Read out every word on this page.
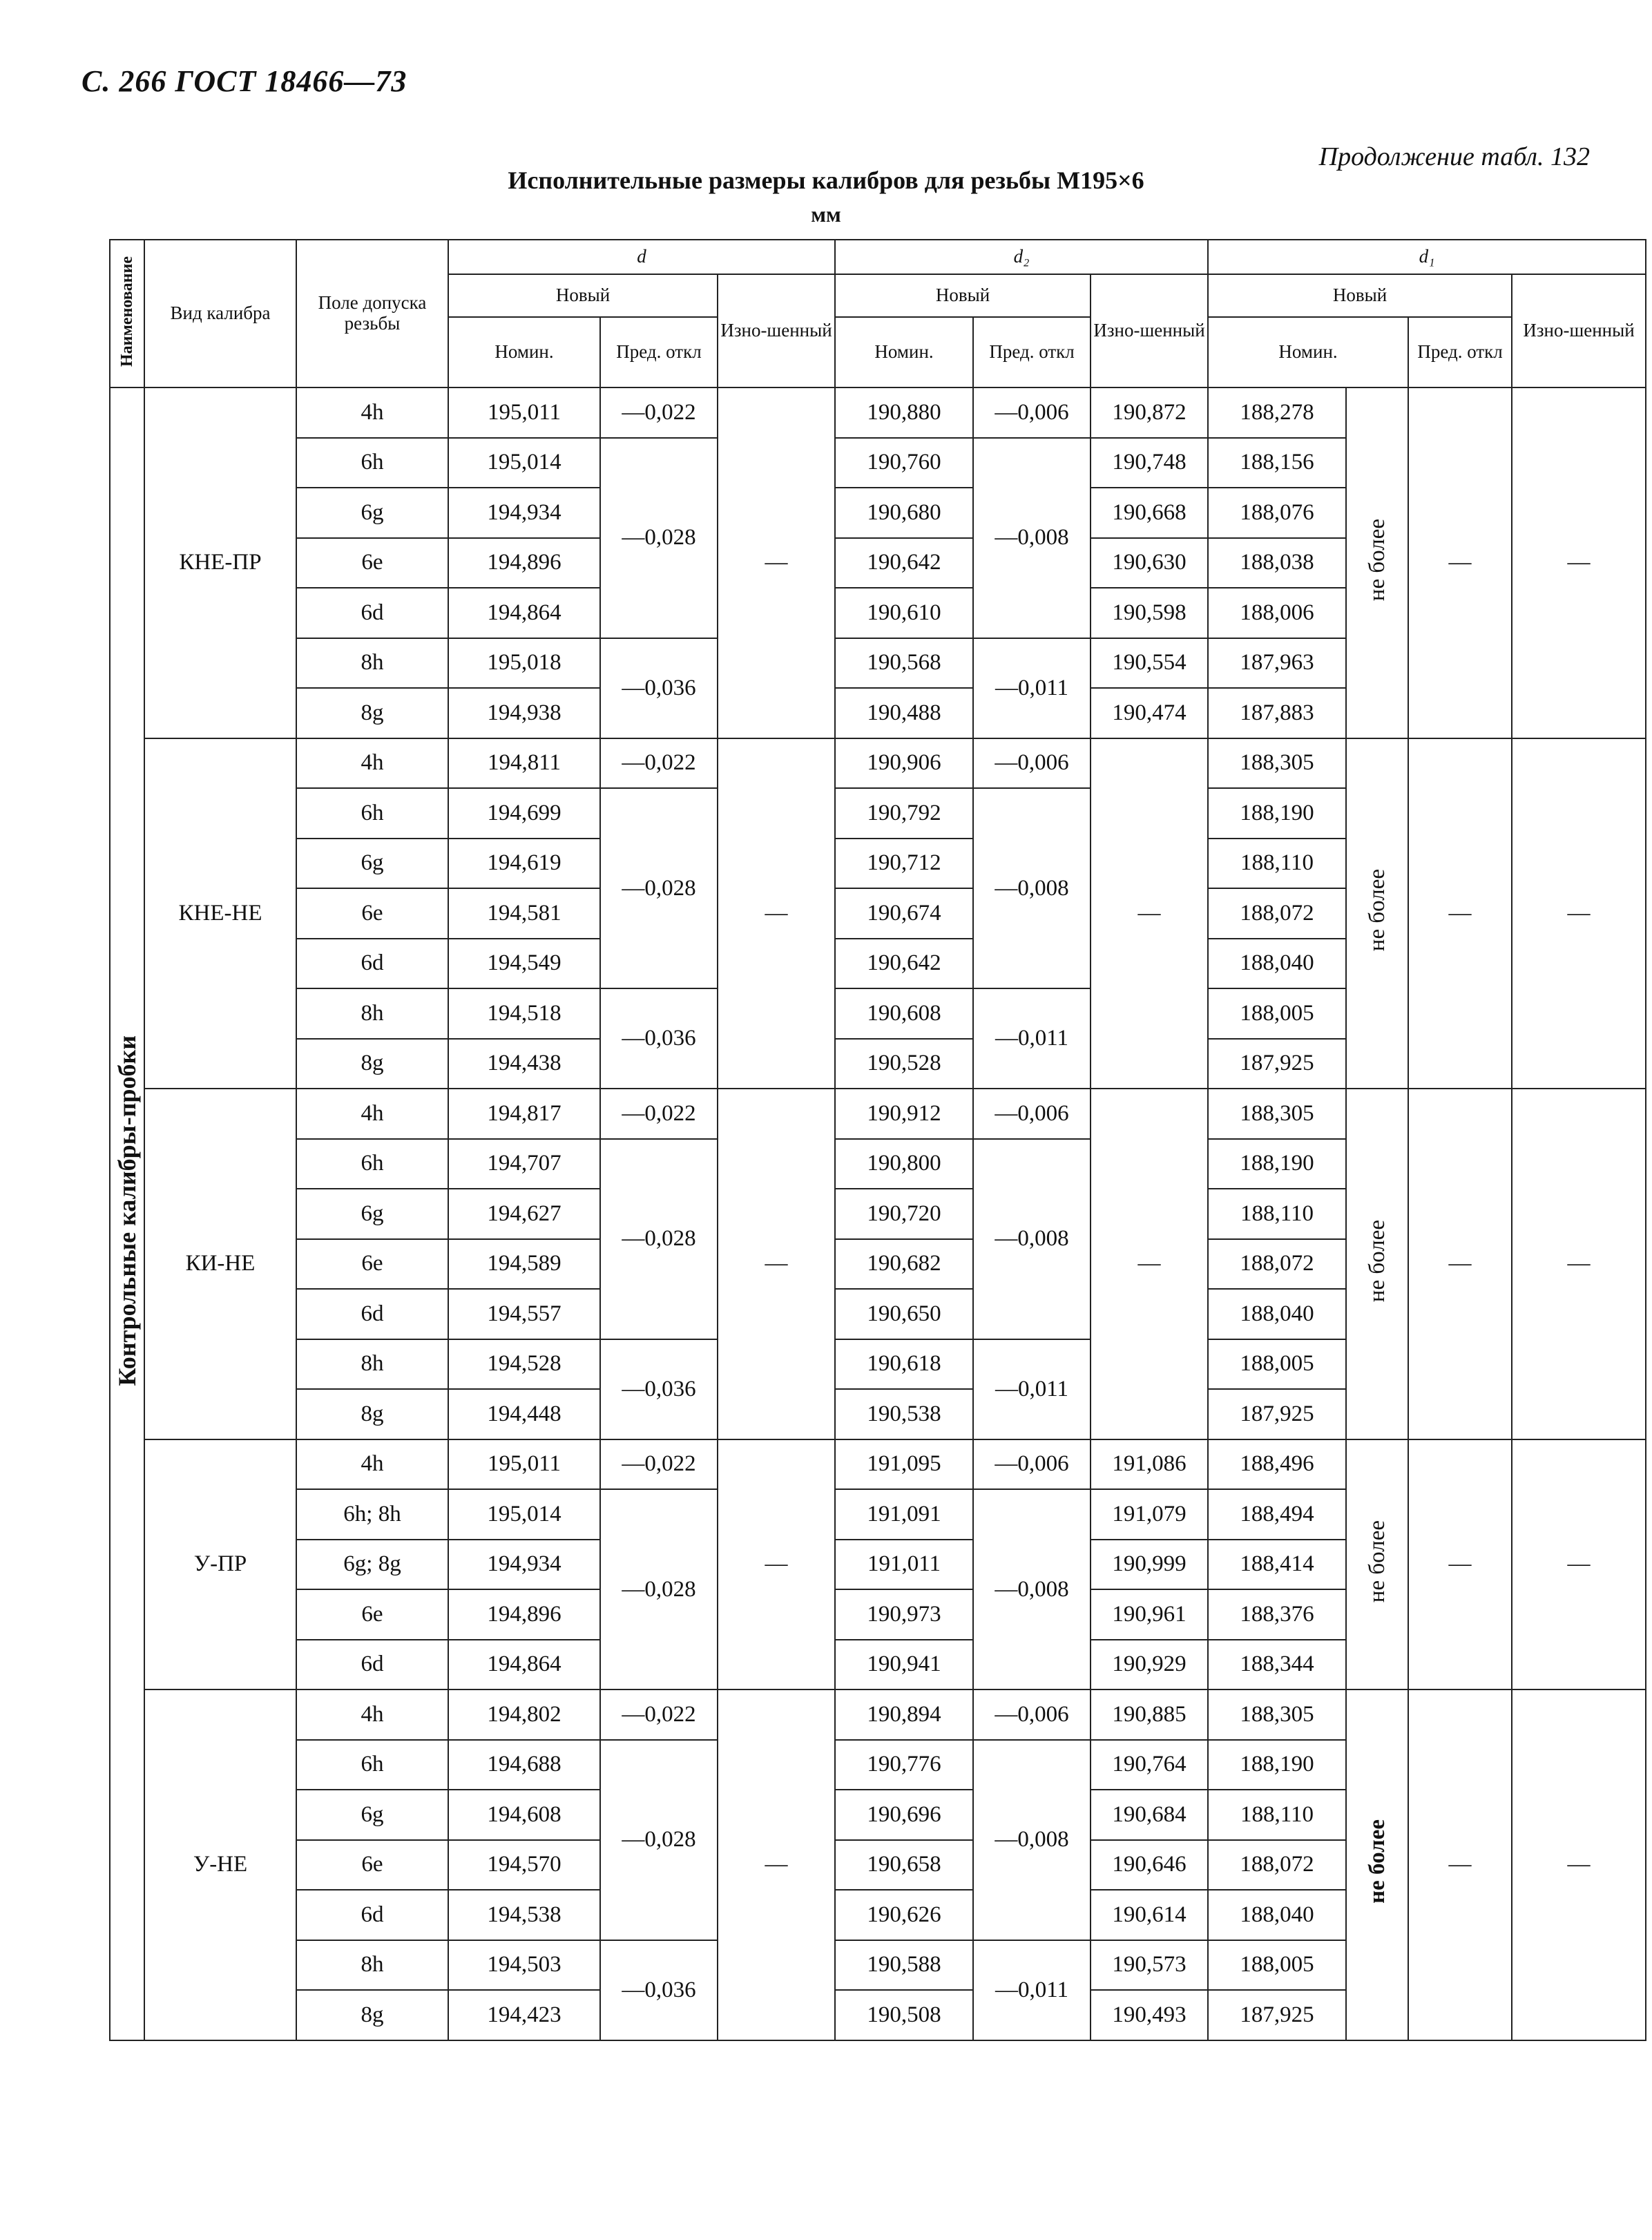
С. 266 ГОСТ 18466—73
Продолжение табл. 132
Исполнительные размеры калибров для резьбы М195×6
мм
Наименование	Вид калибра	Поле допуска резьбы	d			d₂			d₁			
			Новый		Изно-шенный	Новый		Изно-шенный	Новый			Изно-шенный
			Номин.	Пред. откл		Номин.	Пред. откл		Номин.		Пред. откл	
Контрольные калибры-пробки	КНЕ-ПР	4h	195,011	—0,022	—	190,880	—0,006	190,872	188,278	не более	—	—
		6h	195,014	—0,028		190,760	—0,008	190,748	188,156			
		6g	194,934			190,680		190,668	188,076			
		6e	194,896			190,642		190,630	188,038			
		6d	194,864			190,610		190,598	188,006			
		8h	195,018	—0,036		190,568	—0,011	190,554	187,963			
		8g	194,938			190,488		190,474	187,883			
	КНЕ-НЕ	4h	194,811	—0,022	—	190,906	—0,006	—	188,305	не более	—	—
		6h	194,699	—0,028		190,792	—0,008		188,190			
		6g	194,619			190,712			188,110			
		6e	194,581			190,674			188,072			
		6d	194,549			190,642			188,040			
		8h	194,518	—0,036		190,608	—0,011		188,005			
		8g	194,438			190,528			187,925			
	КИ-НЕ	4h	194,817	—0,022	—	190,912	—0,006	—	188,305	не более	—	—
		6h	194,707	—0,028		190,800	—0,008		188,190			
		6g	194,627			190,720			188,110			
		6e	194,589			190,682			188,072			
		6d	194,557			190,650			188,040			
		8h	194,528	—0,036		190,618	—0,011		188,005			
		8g	194,448			190,538			187,925			
	У-ПР	4h	195,011	—0,022	—	191,095	—0,006	191,086	188,496	не более	—	—
		6h; 8h	195,014	—0,028		191,091	—0,008	191,079	188,494			
		6g; 8g	194,934			191,011		190,999	188,414			
		6e	194,896			190,973		190,961	188,376			
		6d	194,864			190,941		190,929	188,344			
	У-НЕ	4h	194,802	—0,022	—	190,894	—0,006	190,885	188,305	не более	—	—
		6h	194,688	—0,028		190,776	—0,008	190,764	188,190			
		6g	194,608			190,696		190,684	188,110			
		6e	194,570			190,658		190,646	188,072			
		6d	194,538			190,626		190,614	188,040			
		8h	194,503	—0,036		190,588	—0,011	190,573	188,005			
		8g	194,423			190,508		190,493	187,925			
